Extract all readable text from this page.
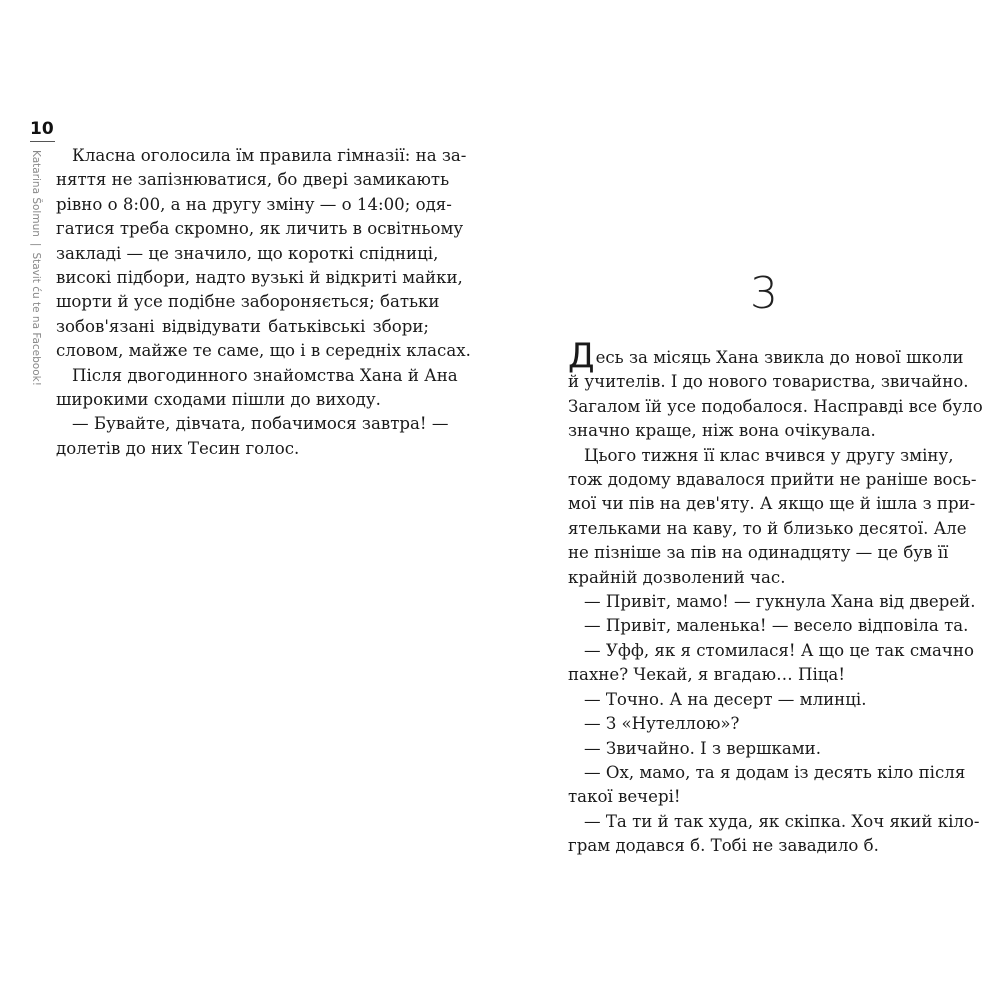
10
Katarina Šolmun|Stavit ću te na Facebook!
Класна оголосила їм правила гімназії: на за-
няття не запізнюватися, бо двері замикають
рівно о 8:00, а на другу зміну — о 14:00; одя-
гатися треба скромно, як личить в освітньому
закладі — це значило, що короткі спідниці,
високі підбори, надто вузькі й відкриті майки,
шорти й усе подібне забороняється; батьки
зобов'язані відвідувати батьківські збори;
словом, майже те саме, що і в середніх класах.
Після двогодинного знайомства Хана й Ана
широкими сходами пішли до виходу.
— Бувайте, дівчата, побачимося завтра! —
долетів до них Тесин голос.
3
Десь за місяць Хана звикла до нової школи
й учителів. І до нового товариства, звичайно.
Загалом їй усе подобалося. Насправді все було
значно краще, ніж вона очікувала.
Цього тижня її клас вчився у другу зміну,
тож додому вдавалося прийти не раніше вось-
мої чи пів на дев'яту. А якщо ще й ішла з при-
ятельками на каву, то й близько десятої. Але
не пізніше за пів на одинадцяту — це був її
крайній дозволений час.
— Привіт, мамо! — гукнула Хана від дверей.
— Привіт, маленька! — весело відповіла та.
— Уфф, як я стомилася! А що це так смачно
пахне? Чекай, я вгадаю… Піца!
— Точно. А на десерт — млинці.
— З «Нутеллою»?
— Звичайно. І з вершками.
— Ох, мамо, та я додам із десять кіло після
такої вечері!
— Та ти й так худа, як скіпка. Хоч який кіло-
грам додався б. Тобі не завадило б.
